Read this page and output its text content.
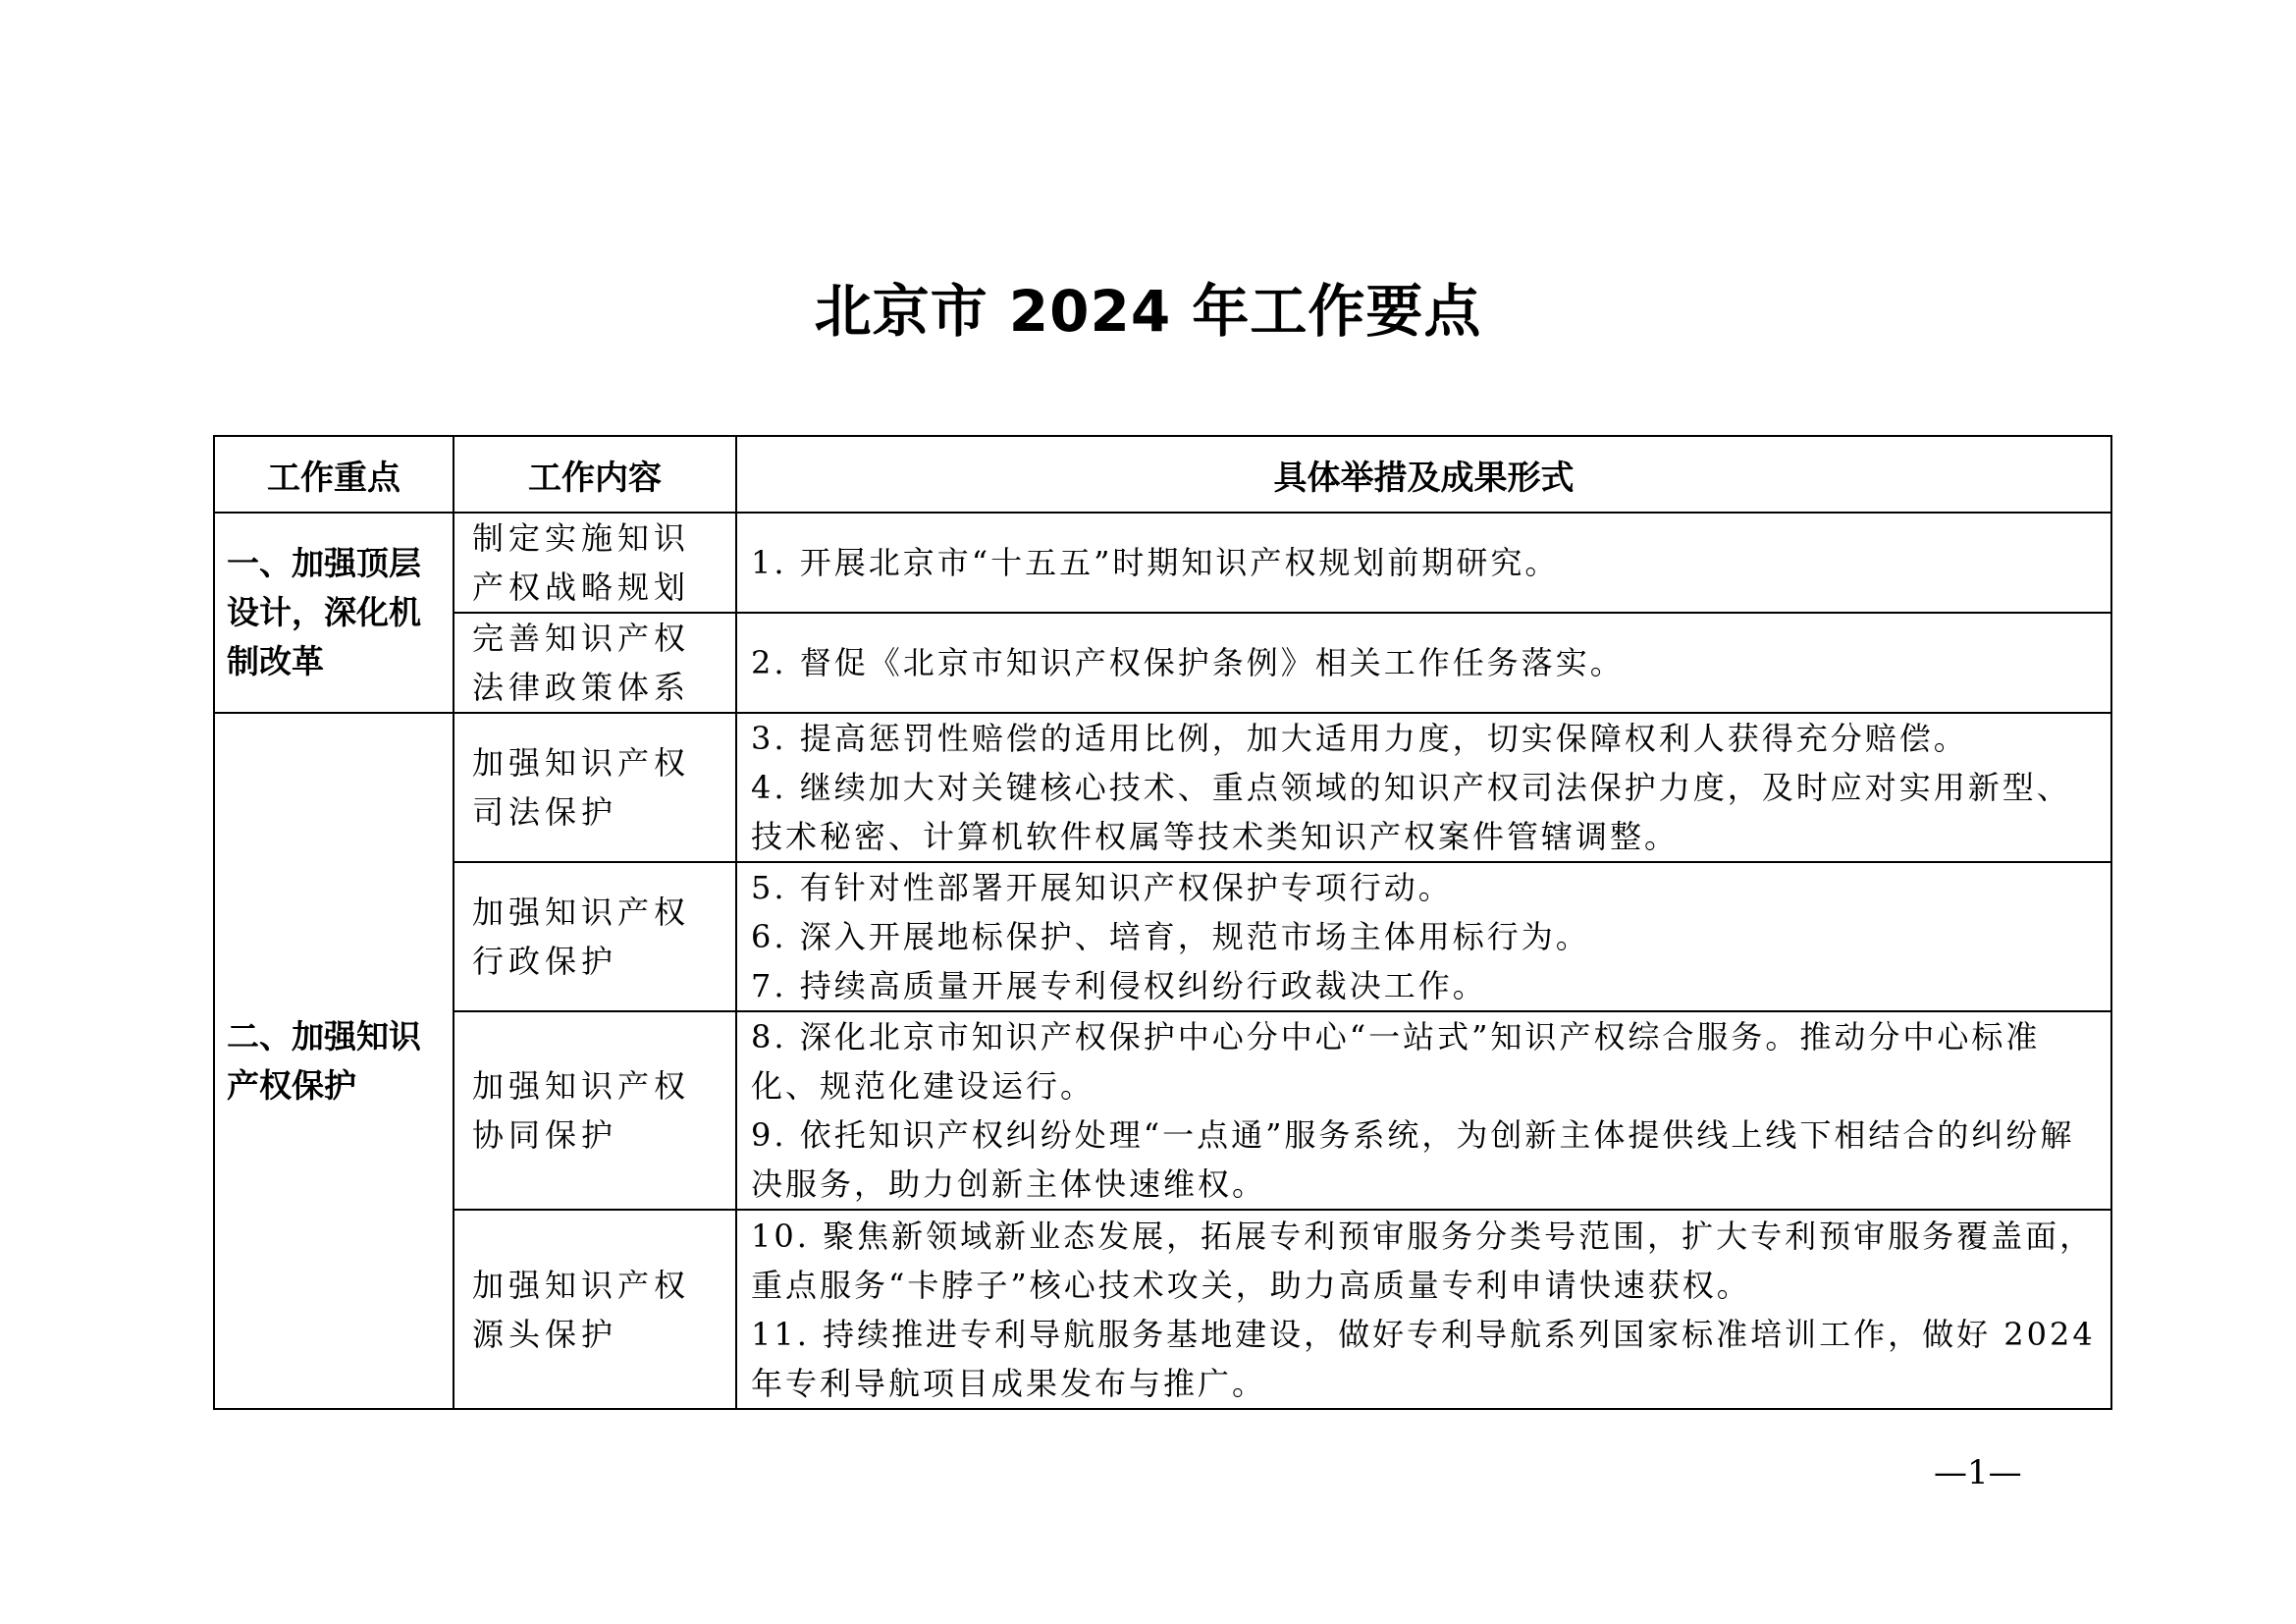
北京市 2024 年工作要点
工作重点	工作内容	具体举措及成果形式
一、加强顶层设计，深化机制改革	制定实施知识产权战略规划	1. 开展北京市“十五五”时期知识产权规划前期研究。

	完善知识产权法律政策体系	2. 督促《北京市知识产权保护条例》相关工作任务落实。

二、加强知识产权保护	加强知识产权司法保护	3. 提高惩罚性赔偿的适用比例，加大适用力度，切实保障权利人获得充分赔偿。
4. 继续加大对关键核心技术、重点领域的知识产权司法保护力度，及时应对实用新型、技术秘密、计算机软件权属等技术类知识产权案件管辖调整。

	加强知识产权行政保护	5. 有针对性部署开展知识产权保护专项行动。
6. 深入开展地标保护、培育，规范市场主体用标行为。
7. 持续高质量开展专利侵权纠纷行政裁决工作。

	加强知识产权协同保护	8. 深化北京市知识产权保护中心分中心“一站式”知识产权综合服务。推动分中心标准化、规范化建设运行。
9. 依托知识产权纠纷处理“一点通”服务系统，为创新主体提供线上线下相结合的纠纷解决服务，助力创新主体快速维权。

	加强知识产权源头保护	10. 聚焦新领域新业态发展，拓展专利预审服务分类号范围，扩大专利预审服务覆盖面，重点服务“卡脖子”核心技术攻关，助力高质量专利申请快速获权。
11. 持续推进专利导航服务基地建设，做好专利导航系列国家标准培训工作，做好 2024 年专利导航项目成果发布与推广。
—1—
